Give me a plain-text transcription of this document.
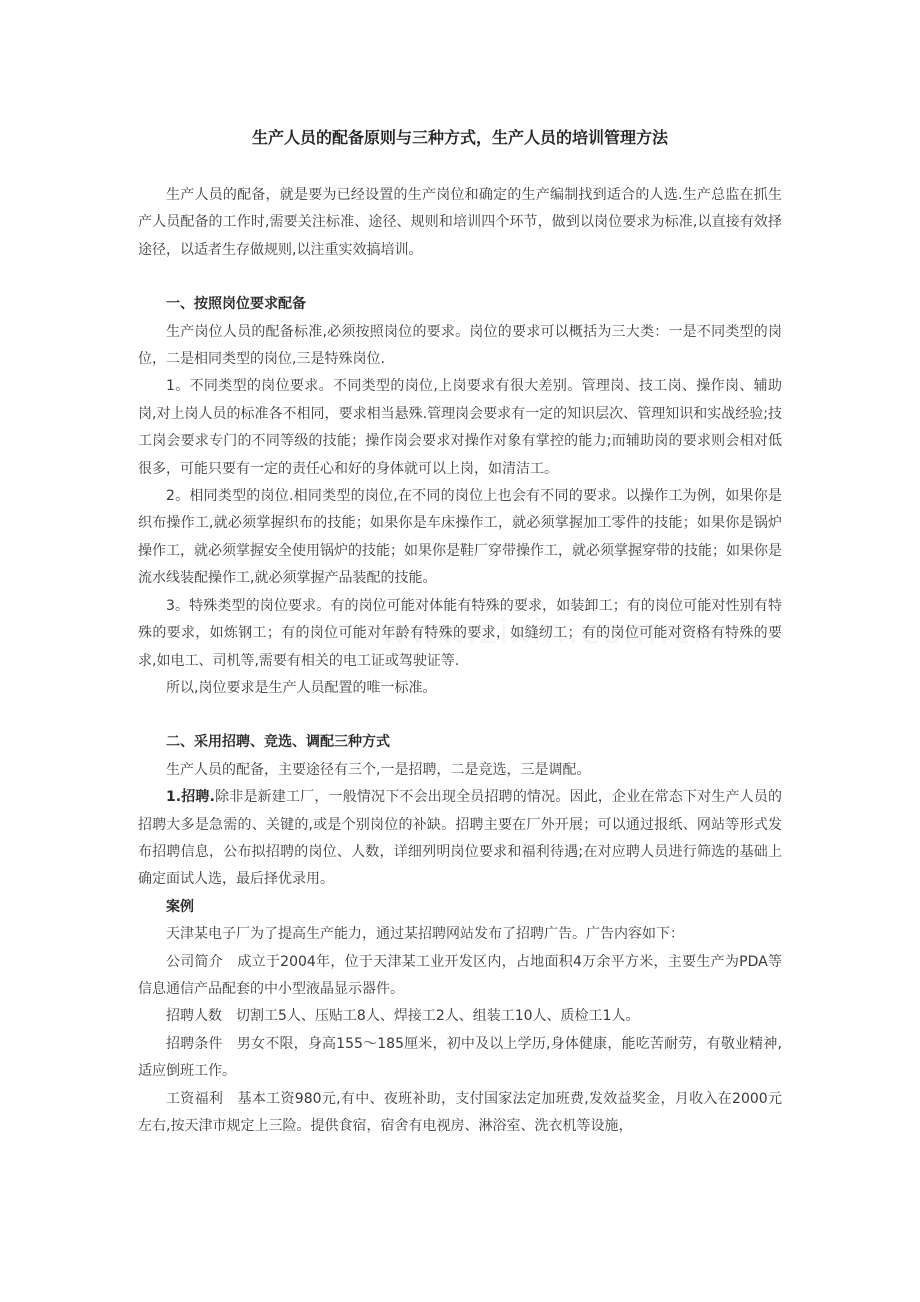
生产人员的配备原则与三种方式，生产人员的培训管理方法

生产人员的配备，就是要为已经设置的生产岗位和确定的生产编制找到适合的人选.生产总监在抓生产人员配备的工作时,需要关注标准、途径、规则和培训四个环节，做到以岗位要求为标准,以直接有效择途径，以适者生存做规则,以注重实效搞培训。

一、按照岗位要求配备

生产岗位人员的配备标准,必须按照岗位的要求。岗位的要求可以概括为三大类：一是不同类型的岗位，二是相同类型的岗位,三是特殊岗位.

1。不同类型的岗位要求。不同类型的岗位,上岗要求有很大差别。管理岗、技工岗、操作岗、辅助岗,对上岗人员的标准各不相同，要求相当悬殊.管理岗会要求有一定的知识层次、管理知识和实战经验;技工岗会要求专门的不同等级的技能；操作岗会要求对操作对象有掌控的能力;而辅助岗的要求则会相对低很多，可能只要有一定的责任心和好的身体就可以上岗，如清洁工。

2。相同类型的岗位.相同类型的岗位,在不同的岗位上也会有不同的要求。以操作工为例，如果你是织布操作工,就必须掌握织布的技能；如果你是车床操作工，就必须掌握加工零件的技能；如果你是锅炉操作工，就必须掌握安全使用锅炉的技能；如果你是鞋厂穿带操作工，就必须掌握穿带的技能；如果你是流水线装配操作工,就必须掌握产品装配的技能。

3。特殊类型的岗位要求。有的岗位可能对体能有特殊的要求，如装卸工；有的岗位可能对性别有特殊的要求，如炼钢工；有的岗位可能对年龄有特殊的要求，如缝纫工；有的岗位可能对资格有特殊的要求,如电工、司机等,需要有相关的电工证或驾驶证等.

所以,岗位要求是生产人员配置的唯一标准。

二、采用招聘、竞选、调配三种方式

生产人员的配备，主要途径有三个,一是招聘，二是竞选，三是调配。

1.招聘.除非是新建工厂，一般情况下不会出现全员招聘的情况。因此，企业在常态下对生产人员的招聘大多是急需的、关键的,或是个别岗位的补缺。招聘主要在厂外开展；可以通过报纸、网站等形式发布招聘信息，公布拟招聘的岗位、人数，详细列明岗位要求和福利待遇;在对应聘人员进行筛选的基础上确定面试人选，最后择优录用。

案例

天津某电子厂为了提高生产能力，通过某招聘网站发布了招聘广告。广告内容如下：

公司简介　成立于2004年，位于天津某工业开发区内，占地面积4万余平方米，主要生产为PDA等信息通信产品配套的中小型液晶显示器件。

招聘人数　切割工5人、压贴工8人、焊接工2人、组装工10人、质检工1人。

招聘条件　男女不限，身高155～185厘米，初中及以上学历,身体健康，能吃苦耐劳，有敬业精神,适应倒班工作。

工资福利　基本工资980元,有中、夜班补助，支付国家法定加班费,发效益奖金，月收入在2000元左右,按天津市规定上三险。提供食宿，宿舍有电视房、淋浴室、洗衣机等设施，
